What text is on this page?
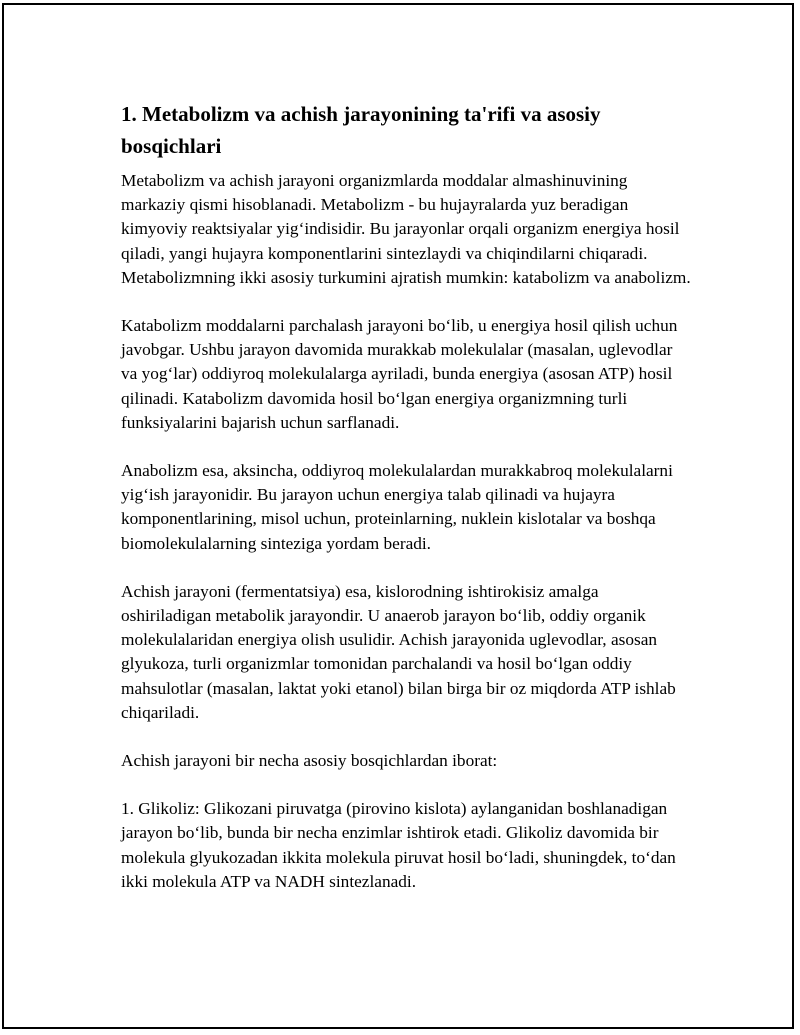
1. Metabolizm va achish jarayonining ta'rifi va asosiy bosqichlari

Metabolizm va achish jarayoni organizmlarda moddalar almashinuvining markaziy qismi hisoblanadi. Metabolizm - bu hujayralarda yuz beradigan kimyoviy reaktsiyalar yig‘indisidir. Bu jarayonlar orqali organizm energiya hosil qiladi, yangi hujayra komponentlarini sintezlaydi va chiqindilarni chiqaradi. Metabolizmning ikki asosiy turkumini ajratish mumkin: katabolizm va anabolizm.

Katabolizm moddalarni parchalash jarayoni bo‘lib, u energiya hosil qilish uchun javobgar. Ushbu jarayon davomida murakkab molekulalar (masalan, uglevodlar va yog‘lar) oddiyroq molekulalarga ayriladi, bunda energiya (asosan ATP) hosil qilinadi. Katabolizm davomida hosil bo‘lgan energiya organizmning turli funksiyalarini bajarish uchun sarflanadi.

Anabolizm esa, aksincha, oddiyroq molekulalardan murakkabroq molekulalarni yig‘ish jarayonidir. Bu jarayon uchun energiya talab qilinadi va hujayra komponentlarining, misol uchun, proteinlarning, nuklein kislotalar va boshqa biomolekulalarning sinteziga yordam beradi.

Achish jarayoni (fermentatsiya) esa, kislorodning ishtirokisiz amalga oshiriladigan metabolik jarayondir. U anaerob jarayon bo‘lib, oddiy organik molekulalaridan energiya olish usulidir. Achish jarayonida uglevodlar, asosan glyukoza, turli organizmlar tomonidan parchalandi va hosil bo‘lgan oddiy mahsulotlar (masalan, laktat yoki etanol) bilan birga bir oz miqdorda ATP ishlab chiqariladi.

Achish jarayoni bir necha asosiy bosqichlardan iborat:

1. Glikoliz: Glikozani piruvatga (pirovino kislota) aylanganidan boshlanadigan jarayon bo‘lib, bunda bir necha enzimlar ishtirok etadi. Glikoliz davomida bir molekula glyukozadan ikkita molekula piruvat hosil bo‘ladi, shuningdek, to‘dan ikki molekula ATP va NADH sintezlanadi.
